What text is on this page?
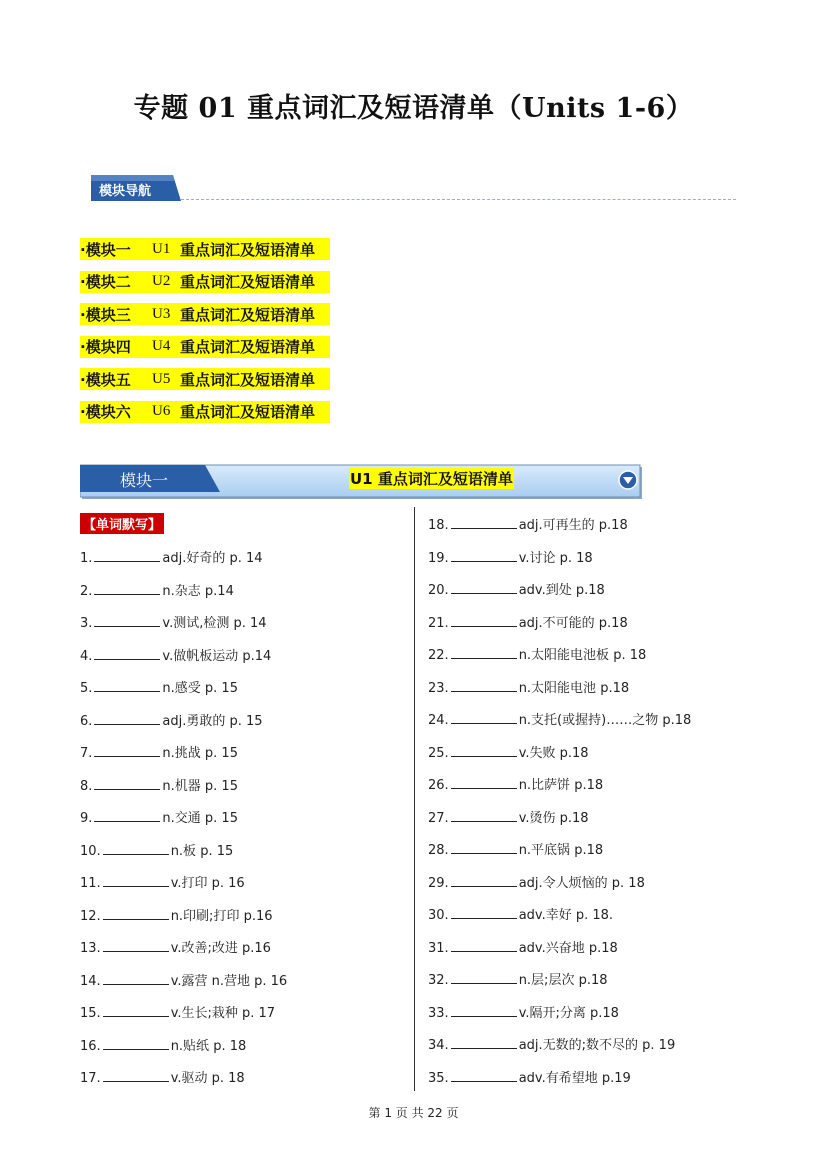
专题 01 重点词汇及短语清单（Units 1-6）
模块导航
·模块一	U1 重点词汇及短语清单
·模块二	U2 重点词汇及短语清单
·模块三	U3 重点词汇及短语清单
·模块四	U4 重点词汇及短语清单
·模块五	U5 重点词汇及短语清单
·模块六	U6 重点词汇及短语清单
模块一	U1 重点词汇及短语清单
【单词默写】
1.	adj.好奇的 p. 14
2.	n.杂志 p.14
3.	v.测试,检测 p. 14
4.	v.做帆板运动 p.14
5.	n.感受 p. 15
6.	adj.勇敢的 p. 15
7.	n.挑战 p. 15
8.	n.机器 p. 15
9.	n.交通 p. 15
10.	n.板 p. 15
11.	v.打印 p. 16
12.	n.印刷;打印 p.16
13.	v.改善;改进 p.16
14.	v.露营 n.营地 p. 16
15.	v.生长;栽种 p. 17
16.	n.贴纸 p. 18
17.	v.驱动 p. 18
18.	adj.可再生的 p.18
19.	v.讨论 p. 18
20.	adv.到处 p.18
21.	adj.不可能的 p.18
22.	n.太阳能电池板 p. 18
23.	n.太阳能电池 p.18
24.	n.支托(或握持)……之物 p.18
25.	v.失败 p.18
26.	n.比萨饼 p.18
27.	v.烫伤 p.18
28.	n.平底锅 p.18
29.	adj.令人烦恼的 p. 18
30.	adv.幸好 p. 18.
31.	adv.兴奋地 p.18
32.	n.层;层次 p.18
33.	v.隔开;分离 p.18
34.	adj.无数的;数不尽的 p. 19
35.	adv.有希望地 p.19
第 1 页 共 22 页
